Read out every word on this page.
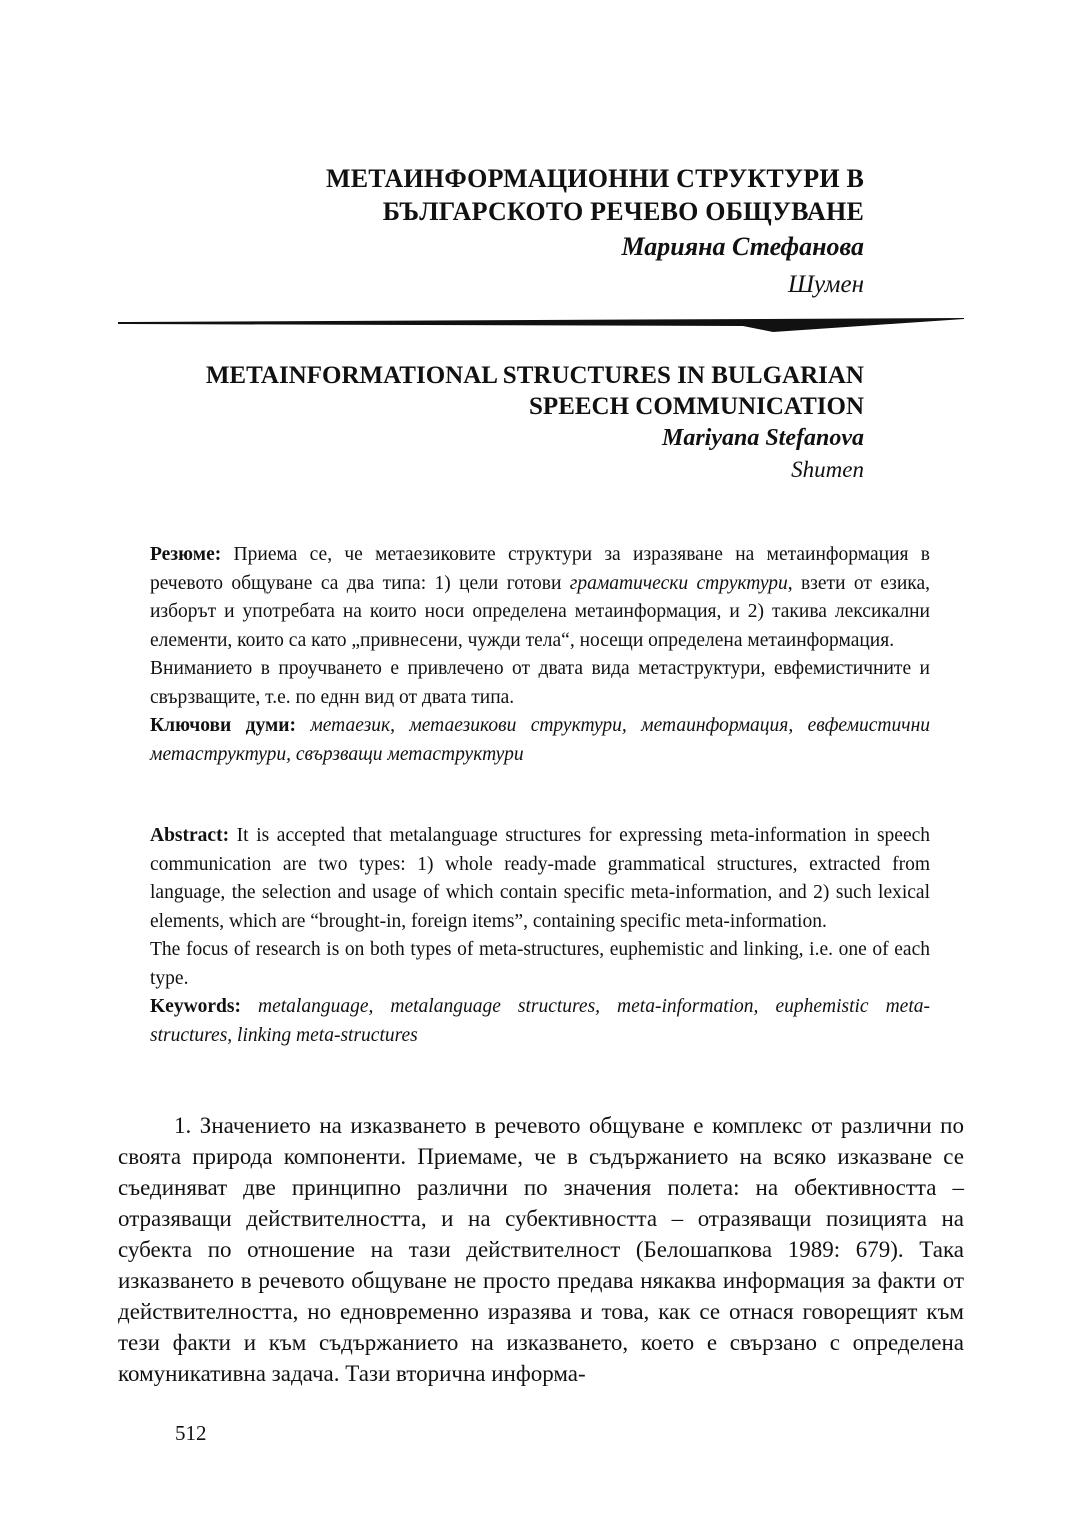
МЕТАИНФОРМАЦИОННИ СТРУКТУРИ В
БЪЛГАРСКОТО РЕЧЕВО ОБЩУВАНЕ
Марияна Стефанова
Шумен
METAINFORMATIONAL STRUCTURES IN BULGARIAN
SPEECH COMMUNICATION
Mariyana Stefanova
Shumen

Резюме: Приема се, че метаезиковите структури за изразяване на метаинформация в речевото общуване са два типа: 1) цели готови граматически структури, взети от езика, изборът и употребата на които носи определена метаинформация, и 2) такива лексикални елементи, които са като „привнесени, чужди тела“, носещи определена метаинформация.

Вниманието в проучването е привлечено от двата вида метаструктури, евфемистичните и свързващите, т.е. по еднн вид от двата типа.

Ключови думи: метаезик, метаезикови структури, метаинформация, евфемистични метаструктури, свързващи метаструктури

Abstract: It is accepted that metalanguage structures for expressing meta-information in speech communication are two types: 1) whole ready-made grammatical structures, extracted from language, the selection and usage of which contain specific meta-information, and 2) such lexical elements, which are “brought-in, foreign items”, containing specific meta-information.

The focus of research is on both types of meta-structures, euphemistic and linking, i.e. one of each type.

Keywords: metalanguage, metalanguage structures, meta-information, euphemistic meta-structures, linking meta-structures

1. Значението на изказването в речевото общуване е комплекс от различни по своята природа компоненти. Приемаме, че в съдържанието на всяко изказване се съединяват две принципно различни по значения полета: на обективността – отразяващи действителността, и на субективността – отразяващи позицията на субекта по отношение на тази действителност (Белошапкова 1989: 679). Така изказването в речевото общуване не просто предава някаква информация за факти от действителността, но едновременно изразява и това, как се отнася говорещият към тези факти и към съдържанието на изказването, което е свързано с определена комуникативна задача. Тази вторична информа-

512
